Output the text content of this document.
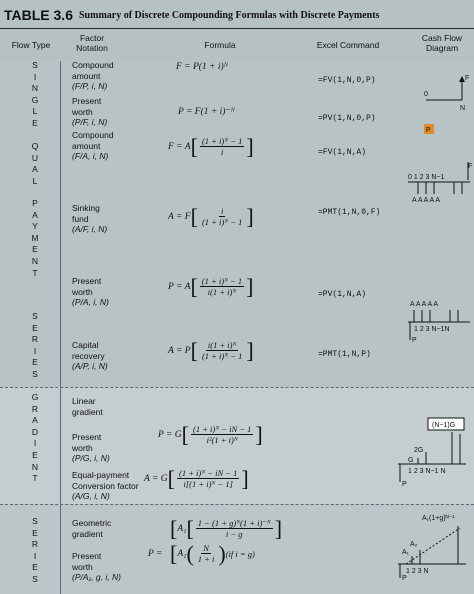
TABLE 3.6 Summary of Discrete Compounding Formulas with Discrete Payments
Flow Type
Factor
Notation	Formula	Excel Command
Cash Flow
Diagram
S
I
N
G
L
E

Q
U
A
L
P
A
Y
M
E
N
T
S
E
R
I
E
S
G
R
A
D
I
E
N
T
S
E
R
I
E
S
Compound
amount
(F/P, i, N)
Present
worth
(P/F, i, N)
Compound
amount
(F/A, i, N)
Sinking
fund
(A/F, i, N)
Present
worth
(P/A, i, N)
Capital
recovery
(A/P, i, N)
Linear
gradient
Present
worth
(P/G, i, N)
Equal-payment
Conversion factor
(A/G, i, N)
Geometric
gradient
Present
worth
(P/A₁, g, i, N)
F = P(1 + i)ᴺ
P = F(1 + i)⁻ᴺ
F = A [ $\frac{\text{(1 + i)ᴺ − 1}}{i}$ ]
A = F [ $\frac{i}{\text{(1 + i)ᴺ − 1}}$ ]
P = A [ $\frac{\text{(1 + i)ᴺ − 1}}{\text{i(1 + i)ᴺ}}$ ]
A = P [ $\frac{\text{i(1 + i)ᴺ}}{\text{(1 + i)ᴺ − 1}}$ ]
P = G [ $\frac{\text{(1 + i)ᴺ − iN − 1}}{\text{i²(1 + i)ᴺ}}$ ]
A = G [ $\frac{\text{(1 + i)ᴺ − iN − 1}}{\text{i[(1 + i)ᴺ − 1]}}$ ]
[ A₁ [ $\frac{\text{1 − (1 + g)ᴺ(1 + i)⁻ᴺ}}{i - g}$ ]
P = [ A₁ ( $\frac{N}{1 + i}$ ) (if i = g)
=FV(1,N,0,P)
=PV(1,N,0,P)
=FV(1,N,A)
=PMT(1,N,0,F)
=PV(1,N,A)
=PMT(1,N,P)
F
0
N
P
F
0 1 2 3 N−1
A A A A A
A A A A A
1 2 3 N−1N
P
(N−1)G
2G
G
1 2 3 N−1 N
P
A₁(1+g)ᴺ⁻¹
A₂
A₁
1 2 3 N
P
